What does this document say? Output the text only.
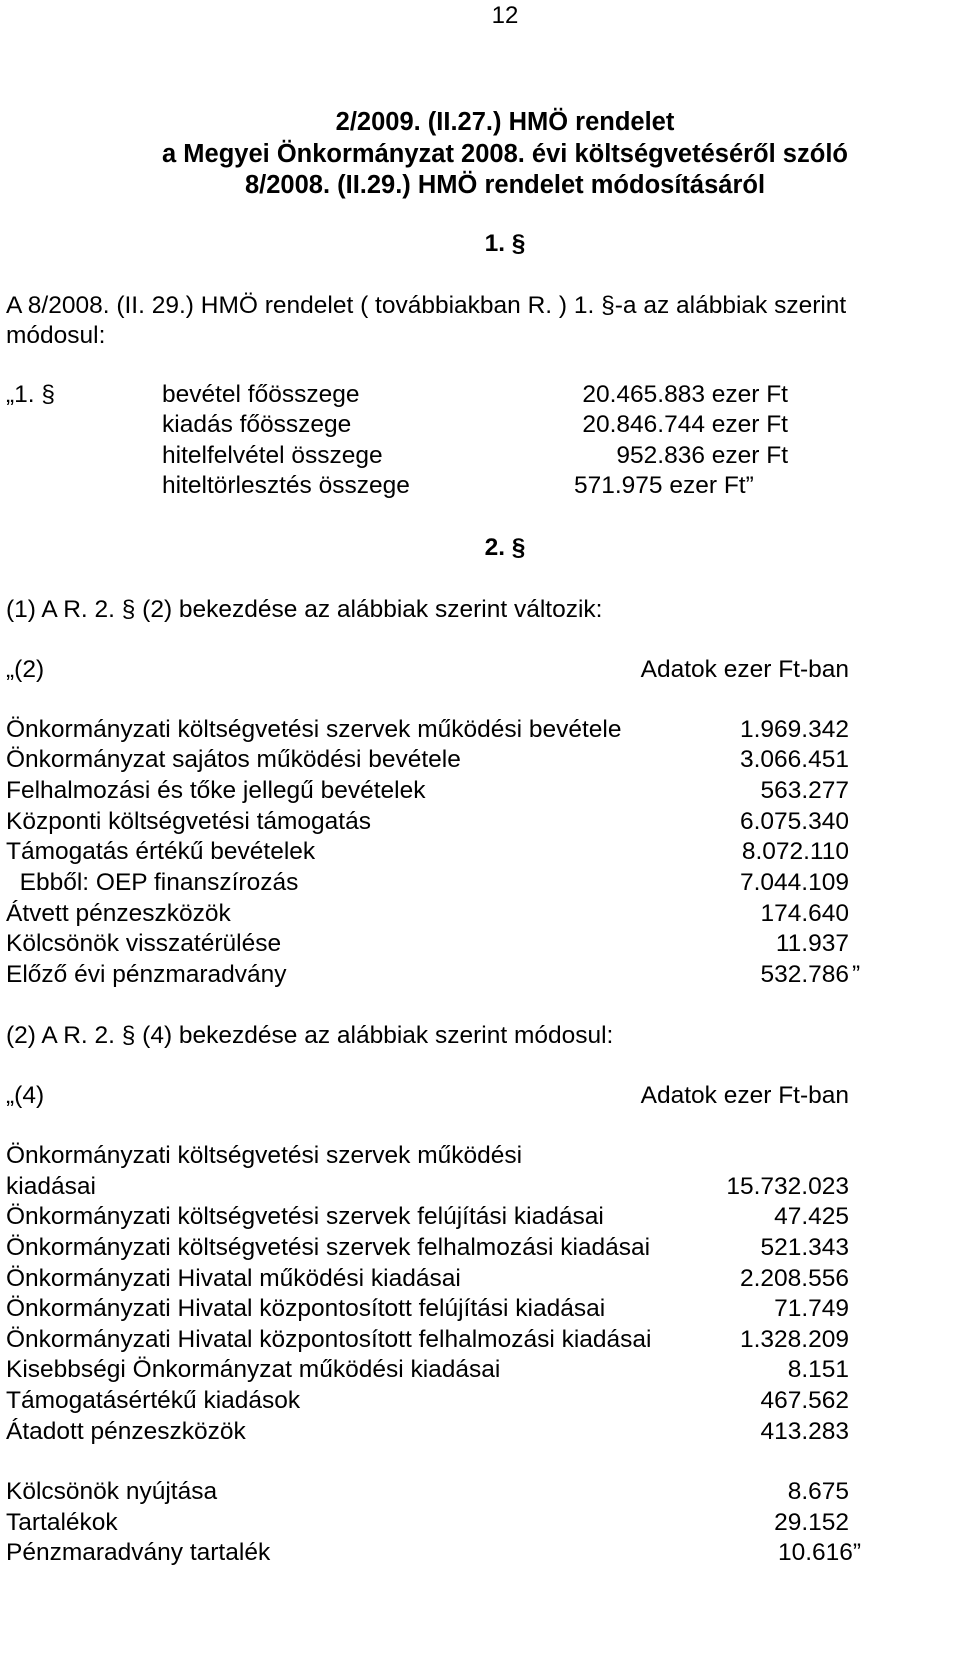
12
2/2009. (II.27.) HMÖ rendelet
a Megyei Önkormányzat 2008. évi költségvetéséről szóló
8/2008. (II.29.) HMÖ rendelet módosításáról
1. §
A 8/2008. (II. 29.) HMÖ rendelet ( továbbiakban R. ) 1. §-a az alábbiak szerint
módosul:
„1. §	bevétel főösszege	20.465.883 ezer Ft
kiadás főösszege	20.846.744 ezer Ft
hitelfelvétel összege	952.836 ezer Ft
hiteltörlesztés összege	571.975 ezer Ft”
2. §
(1) A R. 2. § (2) bekezdése az alábbiak szerint változik:
„(2)	Adatok ezer Ft-ban
Önkormányzati költségvetési szervek működési bevétele	1.969.342
Önkormányzat sajátos működési bevétele	3.066.451
Felhalmozási és tőke jellegű bevételek	563.277
Központi költségvetési támogatás	6.075.340
Támogatás értékű bevételek	8.072.110
Ebből: OEP finanszírozás	7.044.109
Átvett pénzeszközök	174.640
Kölcsönök visszatérülése	11.937
Előző évi pénzmaradvány	532.786 ”
(2) A R. 2. § (4) bekezdése az alábbiak szerint módosul:
„(4)	Adatok ezer Ft-ban
Önkormányzati költségvetési szervek működési
kiadásai	15.732.023
Önkormányzati költségvetési szervek felújítási kiadásai	47.425
Önkormányzati költségvetési szervek felhalmozási kiadásai	521.343
Önkormányzati Hivatal működési kiadásai	2.208.556
Önkormányzati Hivatal központosított felújítási kiadásai	71.749
Önkormányzati Hivatal központosított felhalmozási kiadásai	1.328.209
Kisebbségi Önkormányzat működési kiadásai	8.151
Támogatásértékű kiadások	467.562
Átadott pénzeszközök	413.283
Kölcsönök nyújtása	8.675
Tartalékok	29.152
Pénzmaradvány tartalék	10.616”
